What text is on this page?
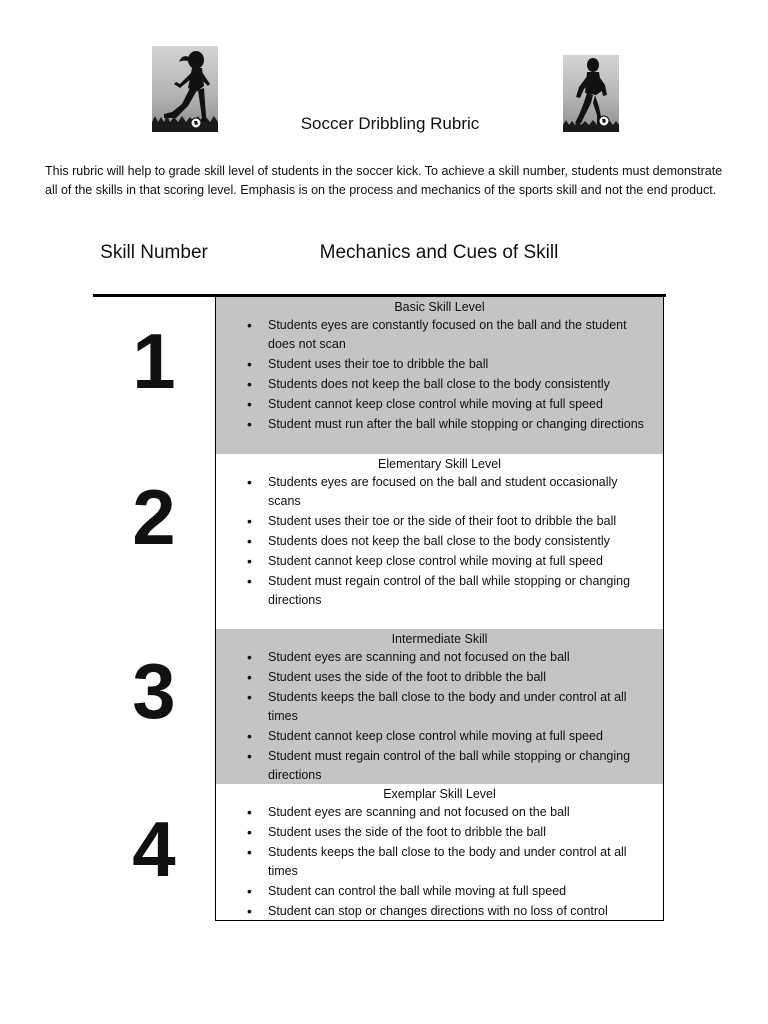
Soccer Dribbling Rubric

This rubric will help to grade skill level of students in the soccer kick. To achieve a skill number, students must demonstrate all of the skills in that scoring level. Emphasis is on the process and mechanics of the sports skill and not the end product.

Skill Number	Mechanics and Cues of Skill
Basic Skill Level
• Students eyes are constantly focused on the ball and the student does not scan
• Student uses their toe to dribble the ball
• Students does not keep the ball close to the body consistently
• Student cannot keep close control while moving at full speed
• Student must run after the ball while stopping or changing directions
Elementary Skill Level
• Students eyes are focused on the ball and student occasionally scans
• Student uses their toe or the side of their foot to dribble the ball
• Students does not keep the ball close to the body consistently
• Student cannot keep close control while moving at full speed
• Student must regain control of the ball while stopping or changing directions
Intermediate Skill
• Student eyes are scanning and not focused on the ball
• Student uses the side of the foot to dribble the ball
• Students keeps the ball close to the body and under control at all times
• Student cannot keep close control while moving at full speed
• Student must regain control of the ball while stopping or changing directions
Exemplar Skill Level
• Student eyes are scanning and not focused on the ball
• Student uses the side of the foot to dribble the ball
• Students keeps the ball close to the body and under control at all times
• Student can control the ball while moving at full speed
• Student can stop or changes directions with no loss of control
1
2
3
4
